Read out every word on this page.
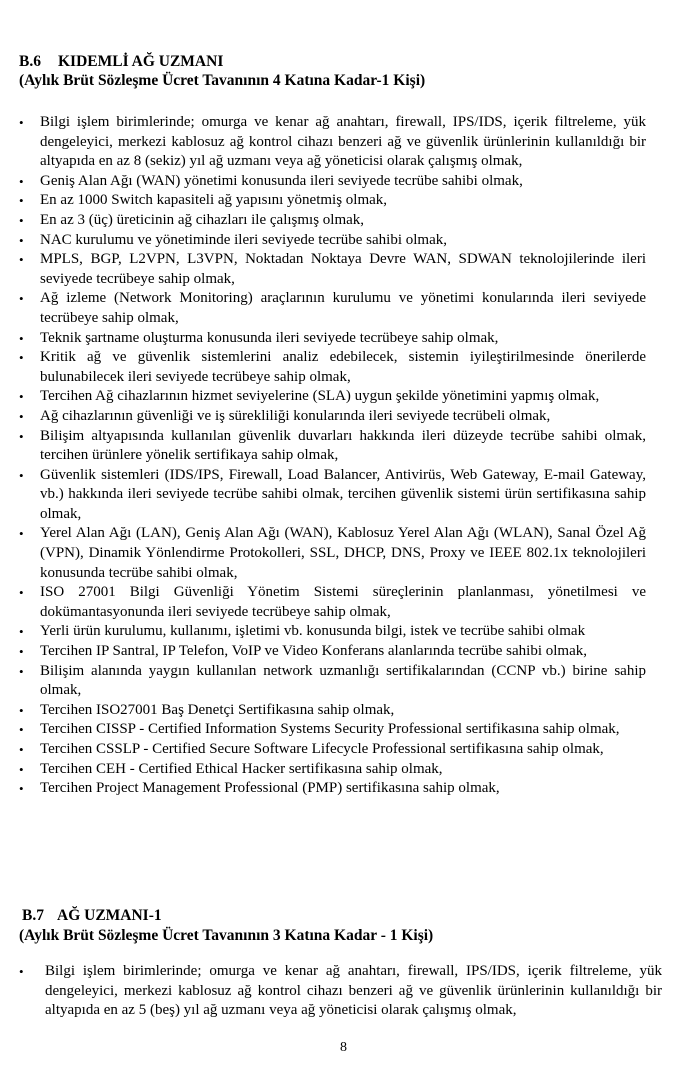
B.6 KIDEMLİ AĞ UZMANI
(Aylık Brüt Sözleşme Ücret Tavanının 4 Katına Kadar-1 Kişi)
• Bilgi işlem birimlerinde; omurga ve kenar ağ anahtarı, firewall, IPS/IDS, içerik filtreleme, yük dengeleyici, merkezi kablosuz ağ kontrol cihazı benzeri ağ ve güvenlik ürünlerinin kullanıldığı bir altyapıda en az 8 (sekiz) yıl ağ uzmanı veya ağ yöneticisi olarak çalışmış olmak,
• Geniş Alan Ağı (WAN) yönetimi konusunda ileri seviyede tecrübe sahibi olmak,
• En az 1000 Switch kapasiteli ağ yapısını yönetmiş olmak,
• En az 3 (üç) üreticinin ağ cihazları ile çalışmış olmak,
• NAC kurulumu ve yönetiminde ileri seviyede tecrübe sahibi olmak,
• MPLS, BGP, L2VPN, L3VPN, Noktadan Noktaya Devre WAN, SDWAN teknolojilerinde ileri seviyede tecrübeye sahip olmak,
• Ağ izleme (Network Monitoring) araçlarının kurulumu ve yönetimi konularında ileri seviyede tecrübeye sahip olmak,
• Teknik şartname oluşturma konusunda ileri seviyede tecrübeye sahip olmak,
• Kritik ağ ve güvenlik sistemlerini analiz edebilecek, sistemin iyileştirilmesinde önerilerde bulunabilecek ileri seviyede tecrübeye sahip olmak,
• Tercihen Ağ cihazlarının hizmet seviyelerine (SLA) uygun şekilde yönetimini yapmış olmak,
• Ağ cihazlarının güvenliği ve iş sürekliliği konularında ileri seviyede tecrübeli olmak,
• Bilişim altyapısında kullanılan güvenlik duvarları hakkında ileri düzeyde tecrübe sahibi olmak, tercihen ürünlere yönelik sertifikaya sahip olmak,
• Güvenlik sistemleri (IDS/IPS, Firewall, Load Balancer, Antivirüs, Web Gateway, E-mail Gateway, vb.) hakkında ileri seviyede tecrübe sahibi olmak, tercihen güvenlik sistemi ürün sertifikasına sahip olmak,
• Yerel Alan Ağı (LAN), Geniş Alan Ağı (WAN), Kablosuz Yerel Alan Ağı (WLAN), Sanal Özel Ağ (VPN), Dinamik Yönlendirme Protokolleri, SSL, DHCP, DNS, Proxy ve IEEE 802.1x teknolojileri konusunda tecrübe sahibi olmak,
• ISO 27001 Bilgi Güvenliği Yönetim Sistemi süreçlerinin planlanması, yönetilmesi ve dokümantasyonunda ileri seviyede tecrübeye sahip olmak,
• Yerli ürün kurulumu, kullanımı, işletimi vb. konusunda bilgi, istek ve tecrübe sahibi olmak
• Tercihen IP Santral, IP Telefon, VoIP ve Video Konferans alanlarında tecrübe sahibi olmak,
• Bilişim alanında yaygın kullanılan network uzmanlığı sertifikalarından (CCNP vb.) birine sahip olmak,
• Tercihen ISO27001 Baş Denetçi Sertifikasına sahip olmak,
• Tercihen CISSP - Certified Information Systems Security Professional sertifikasına sahip olmak,
• Tercihen CSSLP - Certified Secure Software Lifecycle Professional sertifikasına sahip olmak,
• Tercihen CEH - Certified Ethical Hacker sertifikasına sahip olmak,
• Tercihen Project Management Professional (PMP) sertifikasına sahip olmak,
B.7 AĞ UZMANI-1
(Aylık Brüt Sözleşme Ücret Tavanının 3 Katına Kadar - 1 Kişi)
• Bilgi işlem birimlerinde; omurga ve kenar ağ anahtarı, firewall, IPS/IDS, içerik filtreleme, yük dengeleyici, merkezi kablosuz ağ kontrol cihazı benzeri ağ ve güvenlik ürünlerinin kullanıldığı bir altyapıda en az 5 (beş) yıl ağ uzmanı veya ağ yöneticisi olarak çalışmış olmak,
8
